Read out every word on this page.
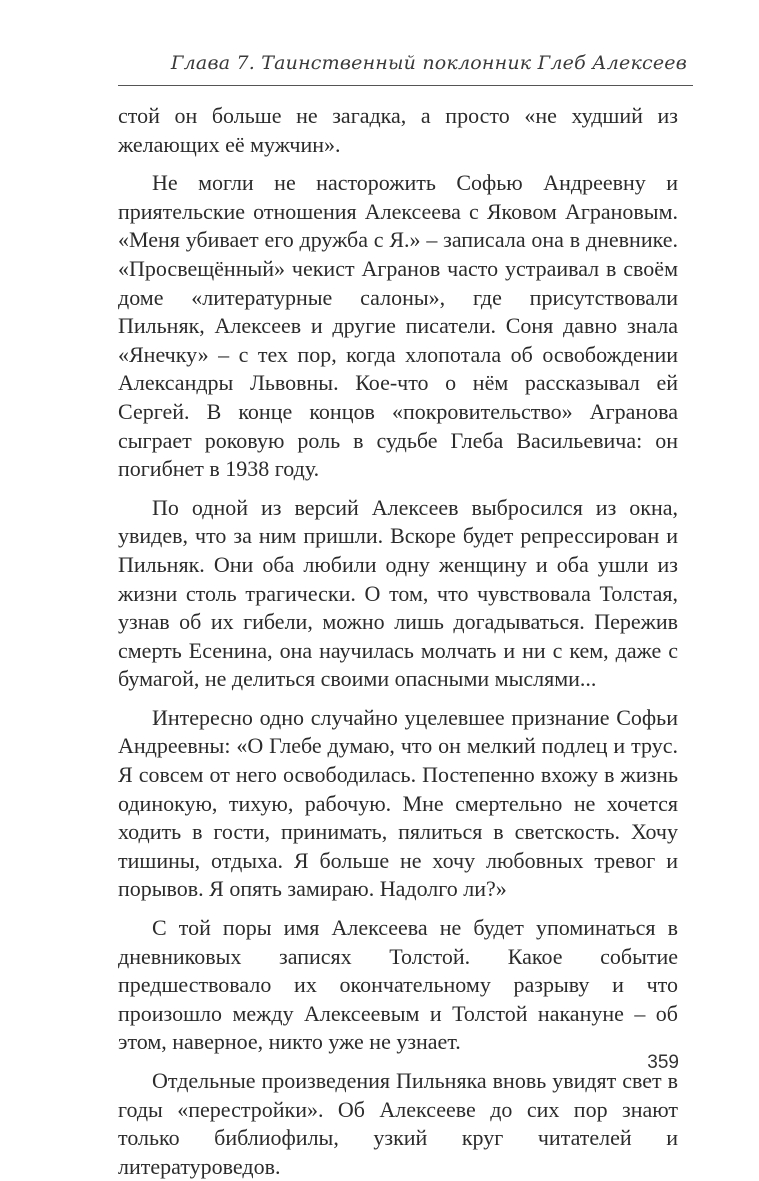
Глава 7. Таинственный поклонник Глеб Алексеев

стой он больше не загадка, а просто «не худший из желающих её мужчин».

Не могли не насторожить Софью Андреевну и приятельские отношения Алексеева с Яковом Аграновым. «Меня убивает его дружба с Я.» – записала она в дневнике. «Просвещённый» чекист Агранов часто устраивал в своём доме «литературные салоны», где присутствовали Пильняк, Алексеев и другие писатели. Соня давно знала «Янечку» – с тех пор, когда хлопотала об освобождении Александры Львовны. Кое-что о нём рассказывал ей Сергей. В конце концов «покровительство» Агранова сыграет роковую роль в судьбе Глеба Васильевича: он погибнет в 1938 году.

По одной из версий Алексеев выбросился из окна, увидев, что за ним пришли. Вскоре будет репрессирован и Пильняк. Они оба любили одну женщину и оба ушли из жизни столь трагически. О том, что чувствовала Толстая, узнав об их гибели, можно лишь догадываться. Пережив смерть Есенина, она научилась молчать и ни с кем, даже с бумагой, не делиться своими опасными мыслями...

Интересно одно случайно уцелевшее признание Софьи Андреевны: «О Глебе думаю, что он мелкий подлец и трус. Я совсем от него освободилась. Постепенно вхожу в жизнь одинокую, тихую, рабочую. Мне смертельно не хочется ходить в гости, принимать, пялиться в светскость. Хочу тишины, отдыха. Я больше не хочу любовных тревог и порывов. Я опять замираю. Надолго ли?»

С той поры имя Алексеева не будет упоминаться в дневниковых записях Толстой. Какое событие предшествовало их окончательному разрыву и что произошло между Алексеевым и Толстой накануне – об этом, наверное, никто уже не узнает.

Отдельные произведения Пильняка вновь увидят свет в годы «перестройки». Об Алексееве до сих пор знают только библиофилы, узкий круг читателей и литературоведов.

359
